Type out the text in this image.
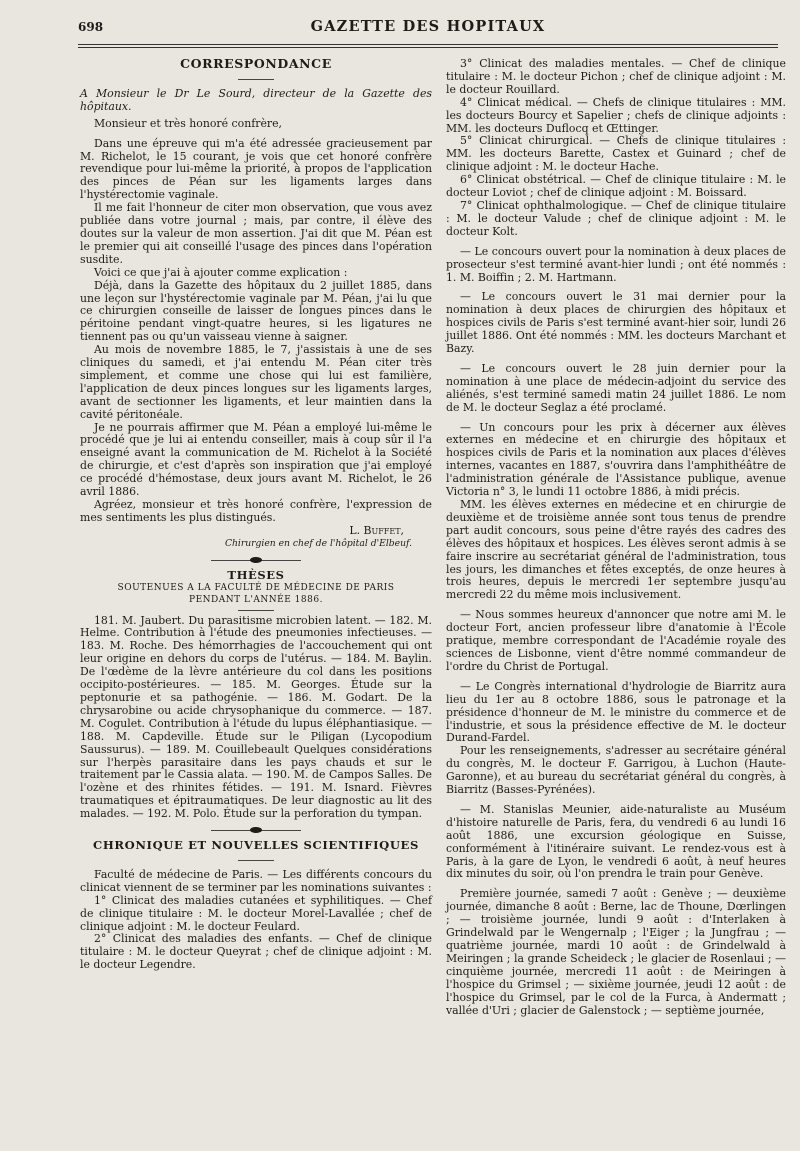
698	GAZETTE DES HOPITAUX
CORRESPONDANCE

A Monsieur le Dr Le Sourd, directeur de la Gazette des hôpitaux.

Monsieur et très honoré confrère,

Dans une épreuve qui m'a été adressée gracieusement par M. Richelot, le 15 courant, je vois que cet honoré confrère revendique pour lui-même la priorité, à propos de l'application des pinces de Péan sur les ligaments larges dans l'hystérectomie vaginale.

Il me fait l'honneur de citer mon observation, que vous avez publiée dans votre journal ; mais, par contre, il élève des doutes sur la valeur de mon assertion. J'ai dit que M. Péan est le premier qui ait conseillé l'usage des pinces dans l'opération susdite.

Voici ce que j'ai à ajouter comme explication :

Déjà, dans la Gazette des hôpitaux du 2 juillet 1885, dans une leçon sur l'hystérectomie vaginale par M. Péan, j'ai lu que ce chirurgien conseille de laisser de longues pinces dans le péritoine pendant vingt-quatre heures, si les ligatures ne tiennent pas ou qu'un vaisseau vienne à saigner.

Au mois de novembre 1885, le 7, j'assistais à une de ses cliniques du samedi, et j'ai entendu M. Péan citer très simplement, et comme une chose qui lui est familière, l'application de deux pinces longues sur les ligaments larges, avant de sectionner les ligaments, et leur maintien dans la cavité péritonéale.

Je ne pourrais affirmer que M. Péan a employé lui-même le procédé que je lui ai entendu conseiller, mais à coup sûr il l'a enseigné avant la communication de M. Richelot à la Société de chirurgie, et c'est d'après son inspiration que j'ai employé ce procédé d'hémostase, deux jours avant M. Richelot, le 26 avril 1886.

Agréez, monsieur et très honoré confrère, l'expression de mes sentiments les plus distingués.

L. Buffet,

Chirurgien en chef de l'hôpital d'Elbeuf.

THÈSES
SOUTENUES A LA FACULTÉ DE MÉDECINE DE PARIS
PENDANT L'ANNÉE 1886.

181. M. Jaubert. Du parasitisme microbien latent. — 182. M. Helme. Contribution à l'étude des pneumonies infectieuses. — 183. M. Roche. Des hémorrhagies de l'accouchement qui ont leur origine en dehors du corps de l'utérus. — 184. M. Baylin. De l'œdème de la lèvre antérieure du col dans les positions occipito-postérieures. — 185. M. Georges. Étude sur la peptonurie et sa pathogénie. — 186. M. Godart. De la chrysarobine ou acide chrysophanique du commerce. — 187. M. Cogulet. Contribution à l'étude du lupus éléphantiasique. — 188. M. Capdeville. Étude sur le Piligan (Lycopodium Saussurus). — 189. M. Couillebeault Quelques considérations sur l'herpès parasitaire dans les pays chauds et sur le traitement par le Cassia alata. — 190. M. de Campos Salles. De l'ozène et des rhinites fétides. — 191. M. Isnard. Fièvres traumatiques et épitraumatiques. De leur diagnostic au lit des malades. — 192. M. Polo. Étude sur la perforation du tympan.

CHRONIQUE ET NOUVELLES SCIENTIFIQUES

Faculté de médecine de Paris. — Les différents concours du clinicat viennent de se terminer par les nominations suivantes :

1° Clinicat des maladies cutanées et syphilitiques. — Chef de clinique titulaire : M. le docteur Morel-Lavallée ; chef de clinique adjoint : M. le docteur Feulard.

2° Clinicat des maladies des enfants. — Chef de clinique titulaire : M. le docteur Queyrat ; chef de clinique adjoint : M. le docteur Legendre.

3° Clinicat des maladies mentales. — Chef de clinique titulaire : M. le docteur Pichon ; chef de clinique adjoint : M. le docteur Rouillard.

4° Clinicat médical. — Chefs de clinique titulaires : MM. les docteurs Bourcy et Sapelier ; chefs de clinique adjoints : MM. les docteurs Duflocq et Œttinger.

5° Clinicat chirurgical. — Chefs de clinique titulaires : MM. les docteurs Barette, Castex et Guinard ; chef de clinique adjoint : M. le docteur Hache.

6° Clinicat obstétrical. — Chef de clinique titulaire : M. le docteur Loviot ; chef de clinique adjoint : M. Boissard.

7° Clinicat ophthalmologique. — Chef de clinique titulaire : M. le docteur Valude ; chef de clinique adjoint : M. le docteur Kolt.

— Le concours ouvert pour la nomination à deux places de prosecteur s'est terminé avant-hier lundi ; ont été nommés : 1. M. Boiffin ; 2. M. Hartmann.

— Le concours ouvert le 31 mai dernier pour la nomination à deux places de chirurgien des hôpitaux et hospices civils de Paris s'est terminé avant-hier soir, lundi 26 juillet 1886. Ont été nommés : MM. les docteurs Marchant et Bazy.

— Le concours ouvert le 28 juin dernier pour la nomination à une place de médecin-adjoint du service des aliénés, s'est terminé samedi matin 24 juillet 1886. Le nom de M. le docteur Seglaz a été proclamé.

— Un concours pour les prix à décerner aux élèves externes en médecine et en chirurgie des hôpitaux et hospices civils de Paris et la nomination aux places d'élèves internes, vacantes en 1887, s'ouvrira dans l'amphithéâtre de l'administration générale de l'Assistance publique, avenue Victoria n° 3, le lundi 11 octobre 1886, à midi précis.

MM. les élèves externes en médecine et en chirurgie de deuxième et de troisième année sont tous tenus de prendre part audit concours, sous peine d'être rayés des cadres des élèves des hôpitaux et hospices. Les élèves seront admis à se faire inscrire au secrétariat général de l'administration, tous les jours, les dimanches et fêtes exceptés, de onze heures à trois heures, depuis le mercredi 1er septembre jusqu'au mercredi 22 du même mois inclusivement.

— Nous sommes heureux d'annoncer que notre ami M. le docteur Fort, ancien professeur libre d'anatomie à l'École pratique, membre correspondant de l'Académie royale des sciences de Lisbonne, vient d'être nommé commandeur de l'ordre du Christ de Portugal.

— Le Congrès international d'hydrologie de Biarritz aura lieu du 1er au 8 octobre 1886, sous le patronage et la présidence d'honneur de M. le ministre du commerce et de l'industrie, et sous la présidence effective de M. le docteur Durand-Fardel.

Pour les renseignements, s'adresser au secrétaire général du congrès, M. le docteur F. Garrigou, à Luchon (Haute-Garonne), et au bureau du secrétariat général du congrès, à Biarritz (Basses-Pyrénées).

— M. Stanislas Meunier, aide-naturaliste au Muséum d'histoire naturelle de Paris, fera, du vendredi 6 au lundi 16 août 1886, une excursion géologique en Suisse, conformément à l'itinéraire suivant. Le rendez-vous est à Paris, à la gare de Lyon, le vendredi 6 août, à neuf heures dix minutes du soir, où l'on prendra le train pour Genève.

Première journée, samedi 7 août : Genève ; — deuxième journée, dimanche 8 août : Berne, lac de Thoune, Dœrlingen ; — troisième journée, lundi 9 août : d'Interlaken à Grindelwald par le Wengernalp ; l'Eiger ; la Jungfrau ; — quatrième journée, mardi 10 août : de Grindelwald à Meiringen ; la grande Scheideck ; le glacier de Rosenlaui ; — cinquième journée, mercredi 11 août : de Meiringen à l'hospice du Grimsel ; — sixième journée, jeudi 12 août : de l'hospice du Grimsel, par le col de la Furca, à Andermatt ; vallée d'Uri ; glacier de Galenstock ; — septième journée,
